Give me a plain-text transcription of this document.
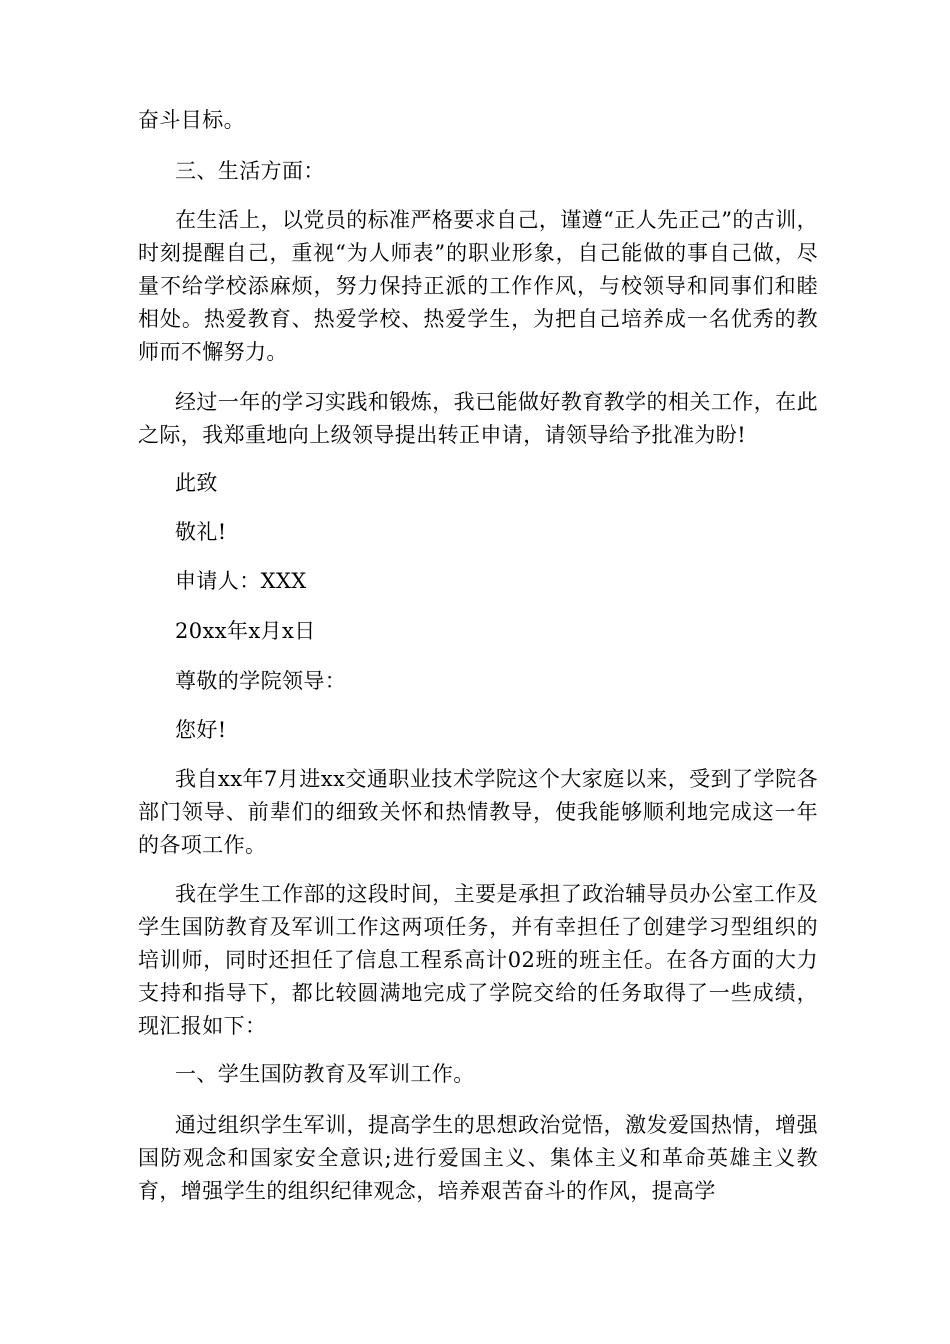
奋斗目标。

三、生活方面：

在生活上，以党员的标准严格要求自己，谨遵“正人先正己”的古训，时刻提醒自己，重视“为人师表”的职业形象，自己能做的事自己做，尽量不给学校添麻烦，努力保持正派的工作作风，与校领导和同事们和睦相处。热爱教育、热爱学校、热爱学生，为把自己培养成一名优秀的教师而不懈努力。

经过一年的学习实践和锻炼，我已能做好教育教学的相关工作，在此之际，我郑重地向上级领导提出转正申请，请领导给予批准为盼!

此致

敬礼!

申请人：XXX

20xx年x月x日

尊敬的学院领导：

您好!

我自xx年7月进xx交通职业技术学院这个大家庭以来，受到了学院各部门领导、前辈们的细致关怀和热情教导，使我能够顺利地完成这一年的各项工作。

我在学生工作部的这段时间，主要是承担了政治辅导员办公室工作及学生国防教育及军训工作这两项任务，并有幸担任了创建学习型组织的培训师，同时还担任了信息工程系高计02班的班主任。在各方面的大力支持和指导下，都比较圆满地完成了学院交给的任务取得了一些成绩，现汇报如下：

一、学生国防教育及军训工作。

通过组织学生军训，提高学生的思想政治觉悟，激发爱国热情，增强国防观念和国家安全意识;进行爱国主义、集体主义和革命英雄主义教育，增强学生的组织纪律观念，培养艰苦奋斗的作风，提高学
